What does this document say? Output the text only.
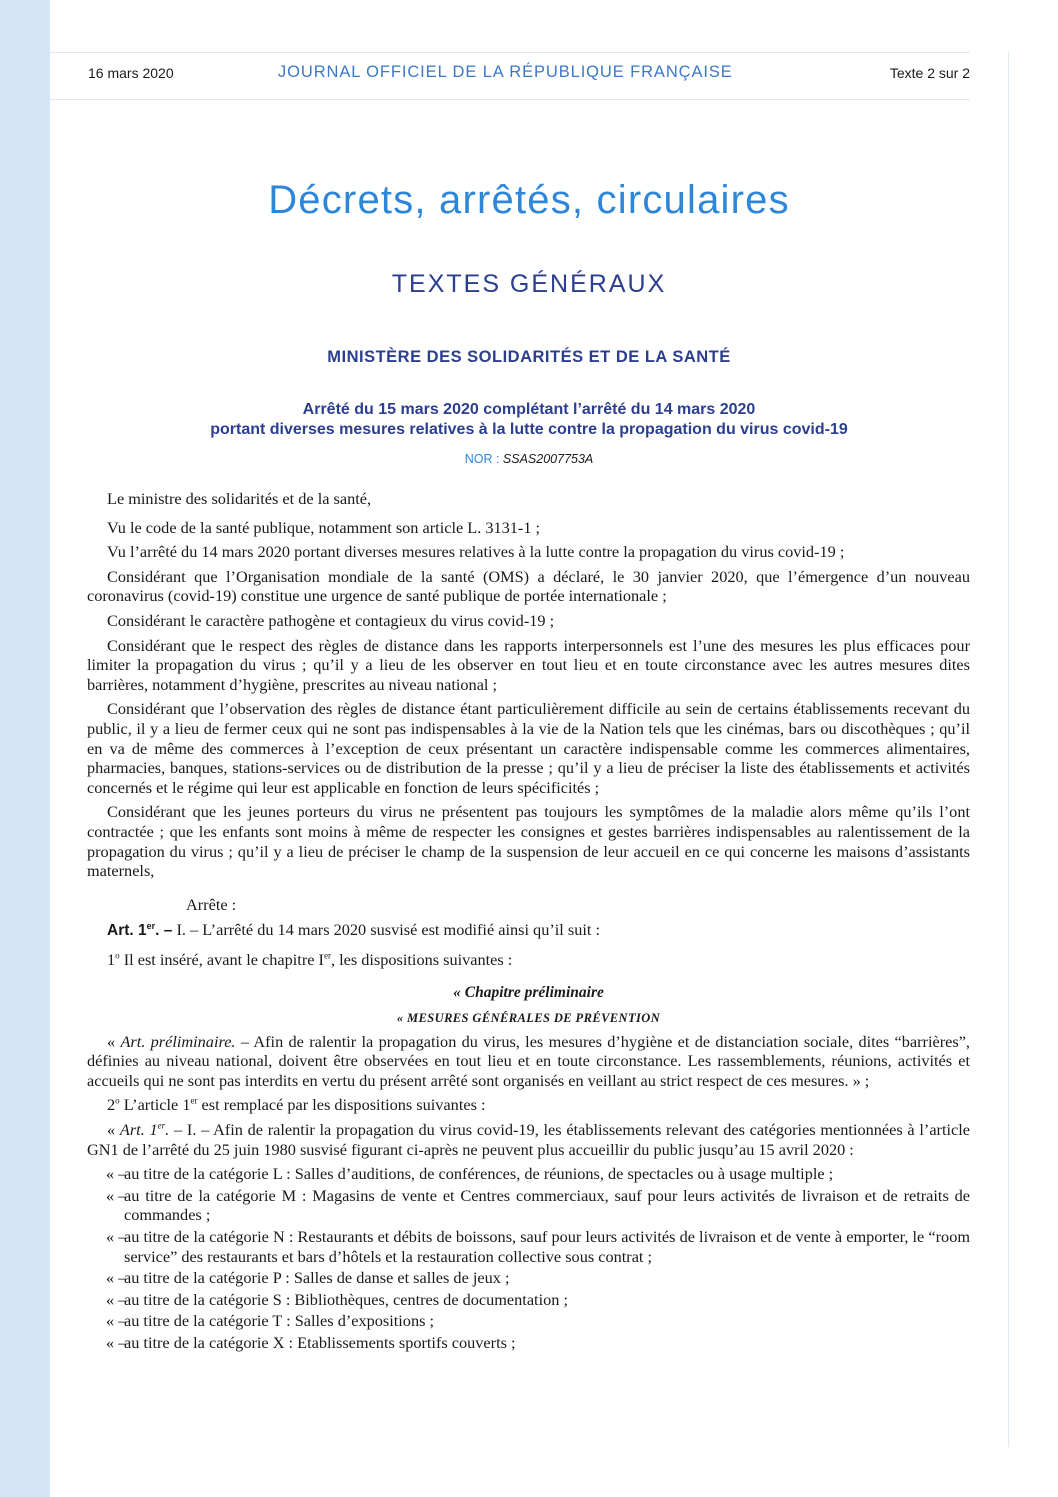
16 mars 2020	JOURNAL OFFICIEL DE LA RÉPUBLIQUE FRANÇAISE	Texte 2 sur 2
Décrets, arrêtés, circulaires
TEXTES GÉNÉRAUX
MINISTÈRE DES SOLIDARITÉS ET DE LA SANTÉ
Arrêté du 15 mars 2020 complétant l’arrêté du 14 mars 2020
portant diverses mesures relatives à la lutte contre la propagation du virus covid-19
NOR : SSAS2007753A

Le ministre des solidarités et de la santé,

Vu le code de la santé publique, notamment son article L. 3131-1 ;

Vu l’arrêté du 14 mars 2020 portant diverses mesures relatives à la lutte contre la propagation du virus covid-19 ;

Considérant que l’Organisation mondiale de la santé (OMS) a déclaré, le 30 janvier 2020, que l’émergence d’un nouveau coronavirus (covid-19) constitue une urgence de santé publique de portée internationale ;

Considérant le caractère pathogène et contagieux du virus covid-19 ;

Considérant que le respect des règles de distance dans les rapports interpersonnels est l’une des mesures les plus efficaces pour limiter la propagation du virus ; qu’il y a lieu de les observer en tout lieu et en toute circonstance avec les autres mesures dites barrières, notamment d’hygiène, prescrites au niveau national ;

Considérant que l’observation des règles de distance étant particulièrement difficile au sein de certains établissements recevant du public, il y a lieu de fermer ceux qui ne sont pas indispensables à la vie de la Nation tels que les cinémas, bars ou discothèques ; qu’il en va de même des commerces à l’exception de ceux présentant un caractère indispensable comme les commerces alimentaires, pharmacies, banques, stations-services ou de distribution de la presse ; qu’il y a lieu de préciser la liste des établissements et activités concernés et le régime qui leur est applicable en fonction de leurs spécificités ;

Considérant que les jeunes porteurs du virus ne présentent pas toujours les symptômes de la maladie alors même qu’ils l’ont contractée ; que les enfants sont moins à même de respecter les consignes et gestes barrières indispensables au ralentissement de la propagation du virus ; qu’il y a lieu de préciser le champ de la suspension de leur accueil en ce qui concerne les maisons d’assistants maternels,

Arrête :

Art. 1er. – I. – L’arrêté du 14 mars 2020 susvisé est modifié ainsi qu’il suit :

1$^o$ Il est inséré, avant le chapitre Ier, les dispositions suivantes :

« Chapitre préliminaire

« MESURES GÉNÉRALES DE PRÉVENTION

« Art. préliminaire. – Afin de ralentir la propagation du virus, les mesures d’hygiène et de distanciation sociale, dites “barrières”, définies au niveau national, doivent être observées en tout lieu et en toute circonstance. Les rassemblements, réunions, activités et accueils qui ne sont pas interdits en vertu du présent arrêté sont organisés en veillant au strict respect de ces mesures. » ;

2$^o$ L’article 1er est remplacé par les dispositions suivantes :

« Art. 1er. – I. – Afin de ralentir la propagation du virus covid-19, les établissements relevant des catégories mentionnées à l’article GN1 de l’arrêté du 25 juin 1980 susvisé figurant ci-après ne peuvent plus accueillir du public jusqu’au 15 avril 2020 :

« –
au titre de la catégorie L : Salles d’auditions, de conférences, de réunions, de spectacles ou à usage multiple ;

« –
au titre de la catégorie M : Magasins de vente et Centres commerciaux, sauf pour leurs activités de livraison et de retraits de commandes ;

« –
au titre de la catégorie N : Restaurants et débits de boissons, sauf pour leurs activités de livraison et de vente à emporter, le “room service” des restaurants et bars d’hôtels et la restauration collective sous contrat ;

« –
au titre de la catégorie P : Salles de danse et salles de jeux ;

« –
au titre de la catégorie S : Bibliothèques, centres de documentation ;

« –
au titre de la catégorie T : Salles d’expositions ;

« –
au titre de la catégorie X : Etablissements sportifs couverts ;
